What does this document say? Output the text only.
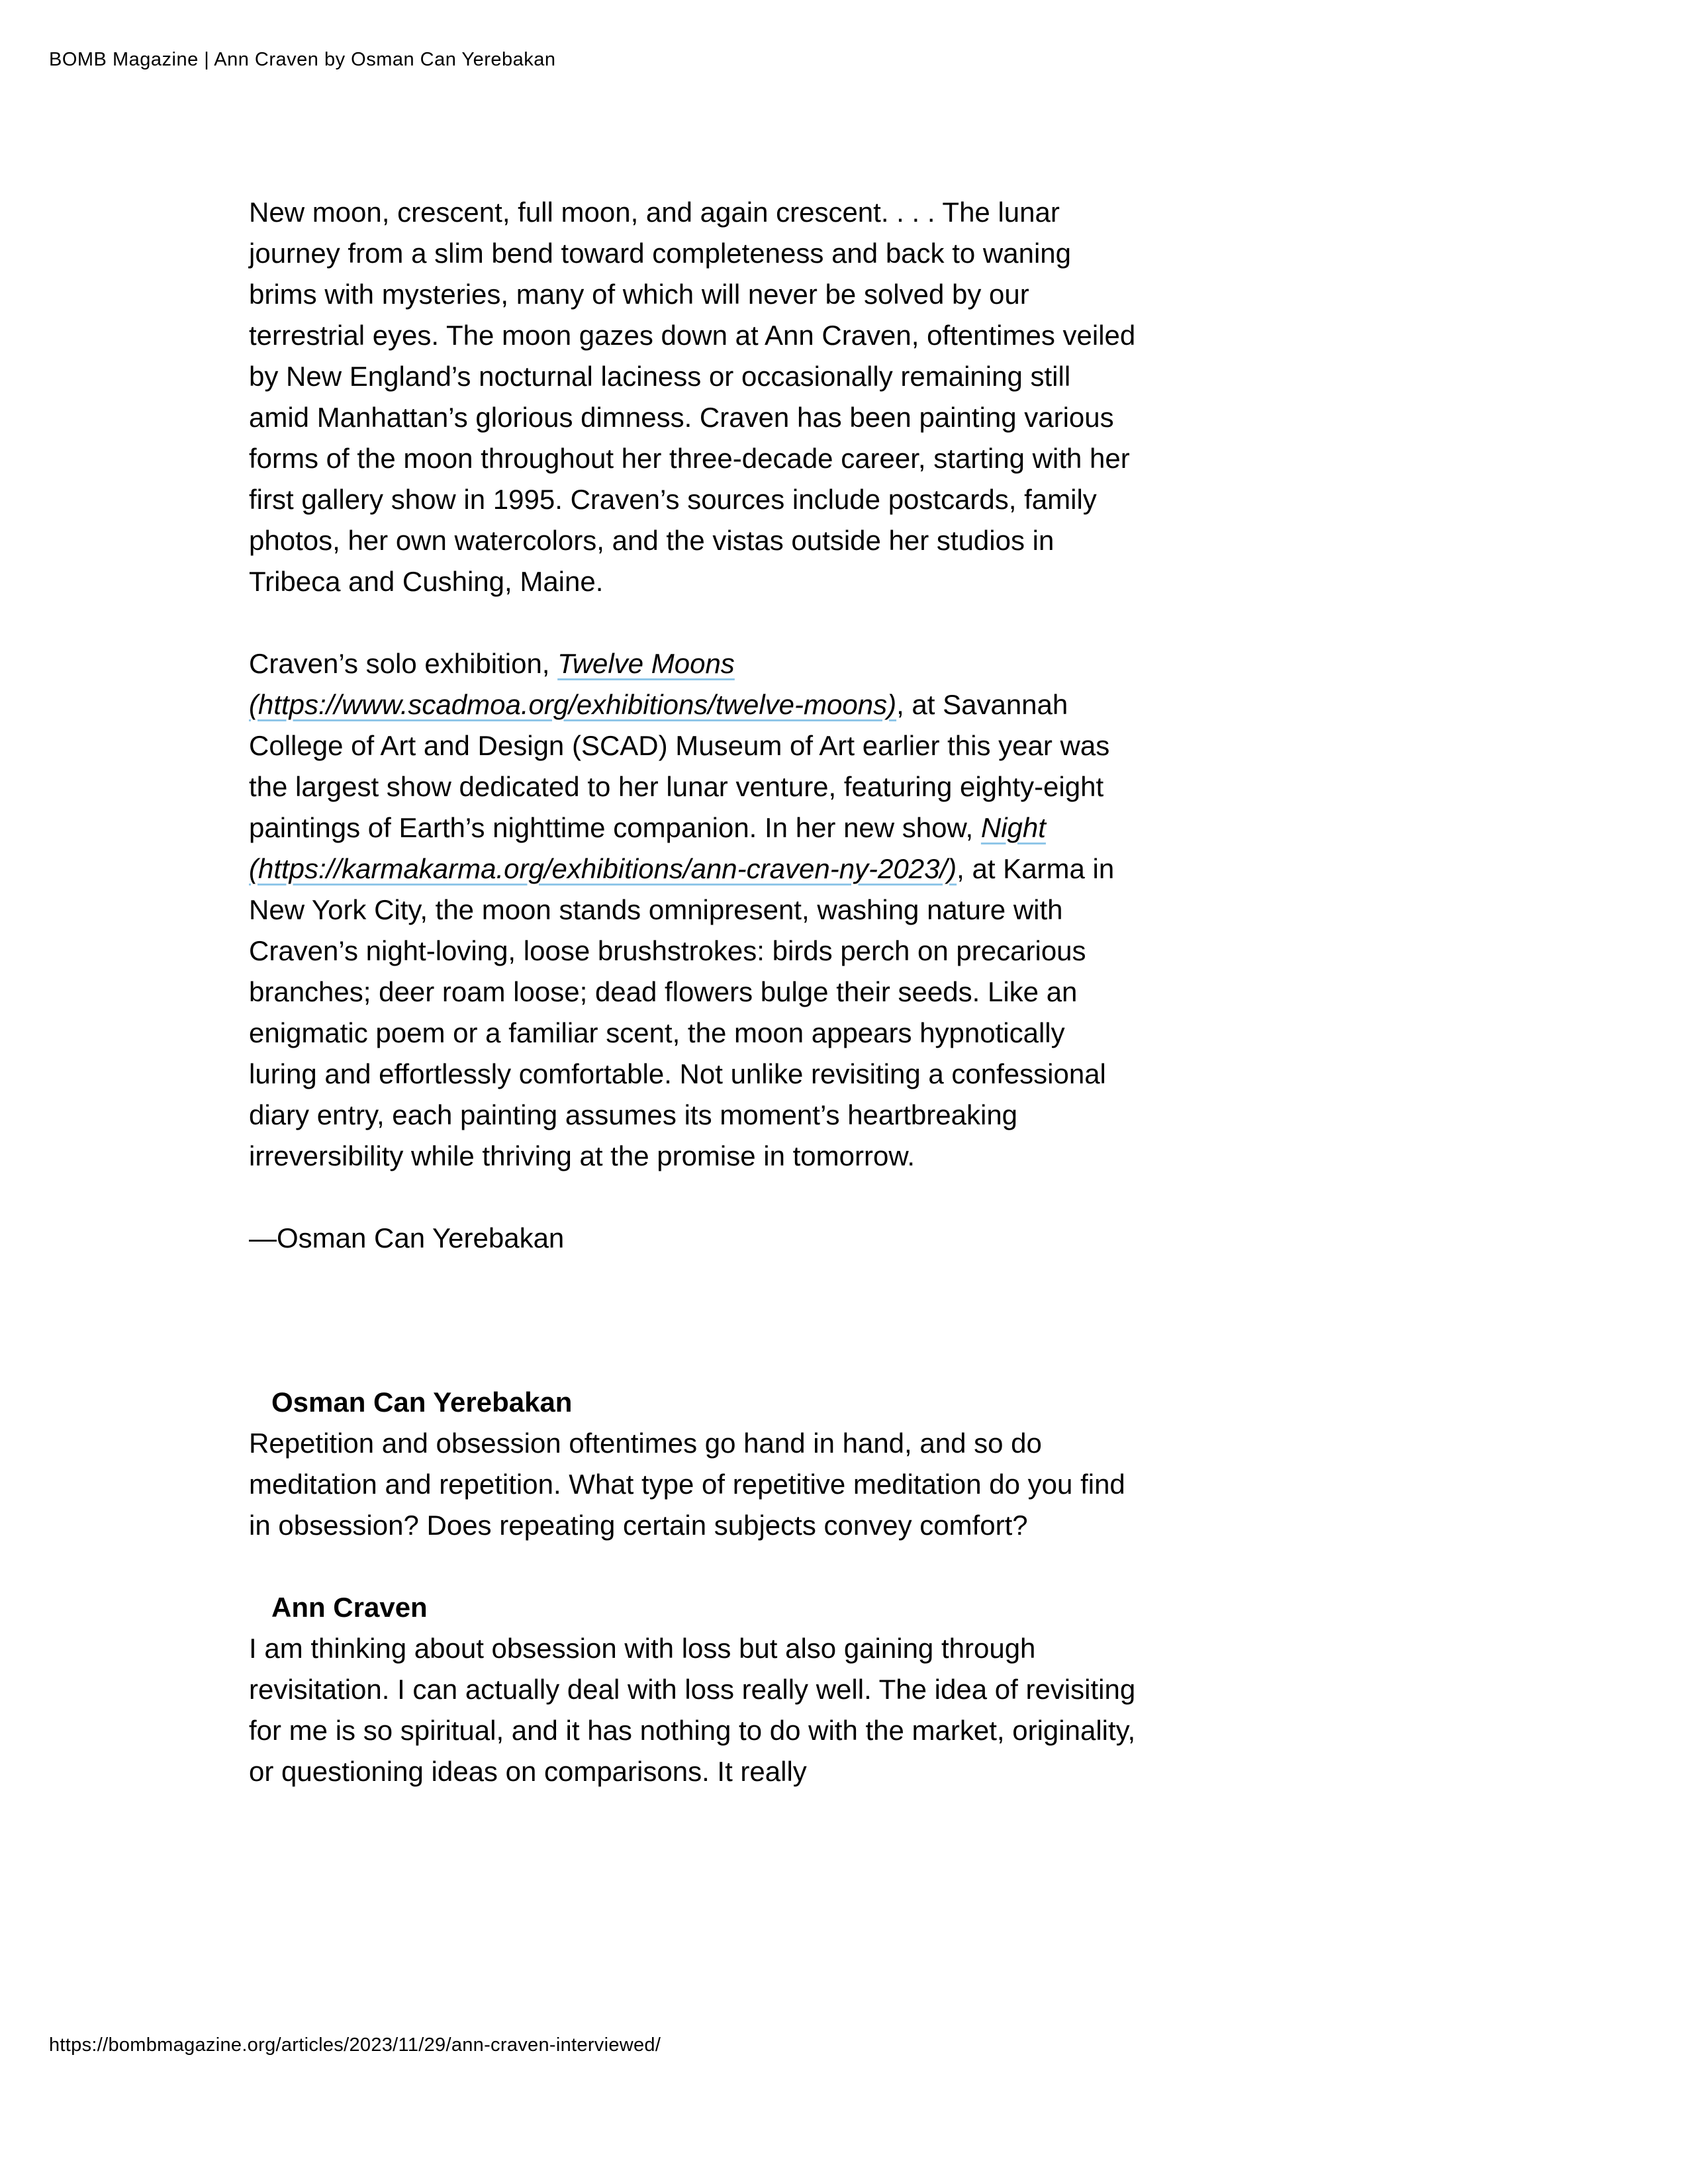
BOMB Magazine | Ann Craven by Osman Can Yerebakan

New moon, crescent, full moon, and again crescent. . . . The lunar journey from a slim bend toward completeness and back to waning brims with mysteries, many of which will never be solved by our terrestrial eyes. The moon gazes down at Ann Craven, oftentimes veiled by New England’s nocturnal laciness or occasionally remaining still amid Manhattan’s glorious dimness. Craven has been painting various forms of the moon throughout her three-decade career, starting with her first gallery show in 1995. Craven’s sources include postcards, family photos, her own watercolors, and the vistas outside her studios in Tribeca and Cushing, Maine.

Craven’s solo exhibition, Twelve Moons (https://www.scadmoa.org/exhibitions/twelve-moons), at Savannah College of Art and Design (SCAD) Museum of Art earlier this year was the largest show dedicated to her lunar venture, featuring eighty-eight paintings of Earth’s nighttime companion. In her new show, Night (https://karmakarma.org/exhibitions/ann-craven-ny-2023/), at Karma in New York City, the moon stands omnipresent, washing nature with Craven’s night-loving, loose brushstrokes: birds perch on precarious branches; deer roam loose; dead flowers bulge their seeds. Like an enigmatic poem or a familiar scent, the moon appears hypnotically luring and effortlessly comfortable. Not unlike revisiting a confessional diary entry, each painting assumes its moment’s heartbreaking irreversibility while thriving at the promise in tomorrow.

—Osman Can Yerebakan

Osman Can Yerebakan

Repetition and obsession oftentimes go hand in hand, and so do meditation and repetition. What type of repetitive meditation do you find in obsession? Does repeating certain subjects convey comfort?

Ann Craven

I am thinking about obsession with loss but also gaining through revisitation. I can actually deal with loss really well. The idea of revisiting for me is so spiritual, and it has nothing to do with the market, originality, or questioning ideas on comparisons. It really

https://bombmagazine.org/articles/2023/11/29/ann-craven-interviewed/
